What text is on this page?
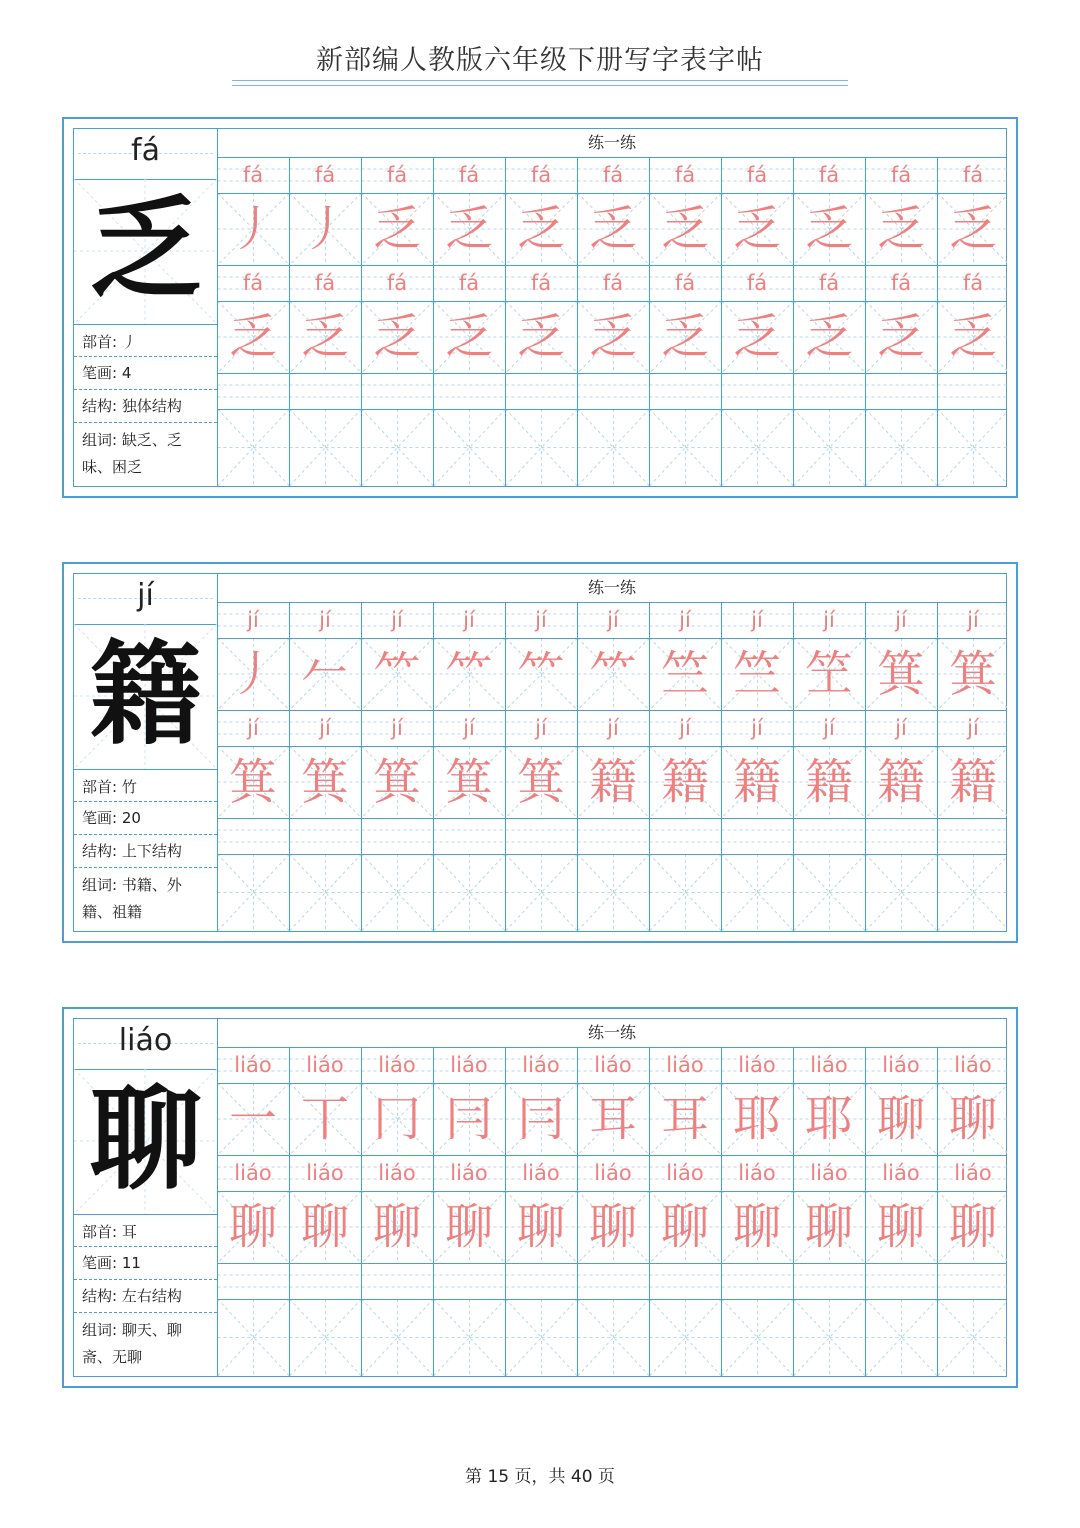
新部编人教版六年级下册写字表字帖
fá
乏
部首: 丿
笔画: 4
结构: 独体结构
组词: 缺乏、乏味、困乏
练一练
fá	fá	fá	fá	fá	fá	fá	fá	fá	fá	fá
丿 丿 乏 乏 乏 乏 乏 乏 乏 乏 乏
fá	fá	fá	fá	fá	fá	fá	fá	fá	fá	fá
乏 乏 乏 乏 乏 乏 乏 乏 乏 乏 乏
jí
籍
部首: 竹
笔画: 20
结构: 上下结构
组词: 书籍、外籍、祖籍
练一练
jí	jí	jí	jí	jí	jí	jí	jí	jí	jí	jí
丿 𠂉 ⺮ ⺮ ⺮ ⺮ 竺 竺 笁 箕 箕
jí	jí	jí	jí	jí	jí	jí	jí	jí	jí	jí
箕 箕 箕 箕 箕 籍 籍 籍 籍 籍 籍
liáo
聊
部首: 耳
笔画: 11
结构: 左右结构
组词: 聊天、聊斋、无聊
练一练
liáo	liáo	liáo	liáo	liáo	liáo	liáo	liáo	liáo	liáo	liáo
一 丅 冂 冃 冃 耳 耳 耶 耶 聊 聊
liáo	liáo	liáo	liáo	liáo	liáo	liáo	liáo	liáo	liáo	liáo
聊 聊 聊 聊 聊 聊 聊 聊 聊 聊 聊
第 15 页，共 40 页
